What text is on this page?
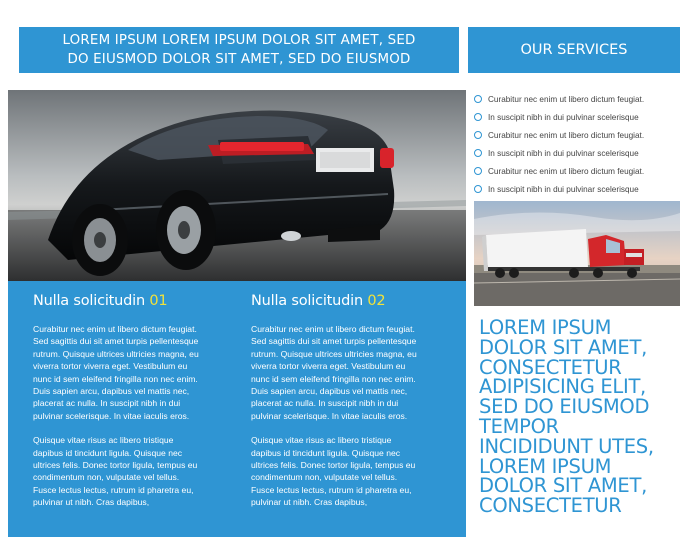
LOREM IPSUM LOREM IPSUM DOLOR SIT AMET, SED
DO EIUSMOD DOLOR SIT AMET, SED DO EIUSMOD
OUR SERVICES
Nulla solicitudin 01

Curabitur nec enim ut libero dictum feugiat.
Sed sagittis dui sit amet turpis pellentesque
rutrum. Quisque ultrices ultricies magna, eu
viverra tortor viverra eget. Vestibulum eu
nunc id sem eleifend fringilla non nec enim.
Duis sapien arcu, dapibus vel mattis nec,
placerat ac nulla. In suscipit nibh in dui
pulvinar scelerisque. In vitae iaculis eros.

Quisque vitae risus ac libero tristique
dapibus id tincidunt ligula. Quisque nec
ultrices felis. Donec tortor ligula, tempus eu
condimentum non, vulputate vel tellus.
Fusce lectus lectus, rutrum id pharetra eu,
pulvinar ut nibh. Cras dapibus,

Nulla solicitudin 02

Curabitur nec enim ut libero dictum feugiat.
Sed sagittis dui sit amet turpis pellentesque
rutrum. Quisque ultrices ultricies magna, eu
viverra tortor viverra eget. Vestibulum eu
nunc id sem eleifend fringilla non nec enim.
Duis sapien arcu, dapibus vel mattis nec,
placerat ac nulla. In suscipit nibh in dui
pulvinar scelerisque. In vitae iaculis eros.

Quisque vitae risus ac libero tristique
dapibus id tincidunt ligula. Quisque nec
ultrices felis. Donec tortor ligula, tempus eu
condimentum non, vulputate vel tellus.
Fusce lectus lectus, rutrum id pharetra eu,
pulvinar ut nibh. Cras dapibus,

Curabitur nec enim ut libero dictum feugiat.
In suscipit nibh in dui pulvinar scelerisque
Curabitur nec enim ut libero dictum feugiat.
In suscipit nibh in dui pulvinar scelerisque
Curabitur nec enim ut libero dictum feugiat.
In suscipit nibh in dui pulvinar scelerisque
LOREM IPSUM
DOLOR SIT AMET,
CONSECTETUR
ADIPISICING ELIT,
SED DO EIUSMOD
TEMPOR
INCIDIDUNT UTES,
LOREM IPSUM
DOLOR SIT AMET,
CONSECTETUR
